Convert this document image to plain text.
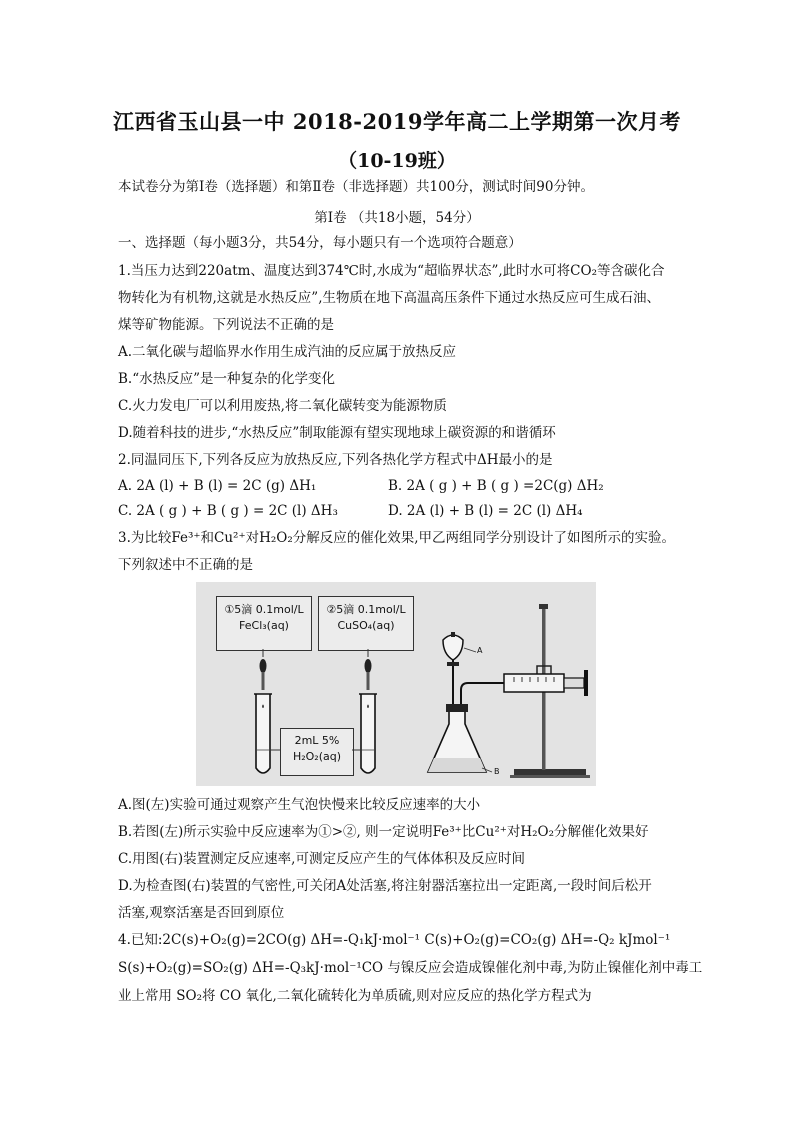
江西省玉山县一中 2018-2019学年高二上学期第一次月考
（10-19班）
本试卷分为第Ⅰ卷（选择题）和第Ⅱ卷（非选择题）共100分，测试时间90分钟。
第Ⅰ卷 （共18小题，54分）
一、选择题（每小题3分，共54分，每小题只有一个选项符合题意）
1.当压力达到220atm、温度达到374℃时,水成为“超临界状态”,此时水可将CO₂等含碳化合
物转化为有机物,这就是水热反应”,生物质在地下高温高压条件下通过水热反应可生成石油、
煤等矿物能源。下列说法不正确的是
A.二氧化碳与超临界水作用生成汽油的反应属于放热反应
B.“水热反应”是一种复杂的化学变化
C.火力发电厂可以利用废热,将二氧化碳转变为能源物质
D.随着科技的进步,“水热反应”制取能源有望实现地球上碳资源的和谐循环
2.同温同压下,下列各反应为放热反应,下列各热化学方程式中ΔH最小的是
A. 2A (l) + B (l) = 2C (g) ΔH₁	B. 2A ( g ) + B ( g ) =2C(g) ΔH₂
C. 2A ( g ) + B ( g ) = 2C (l) ΔH₃	D. 2A (l) + B (l) = 2C (l) ΔH₄
3.为比较Fe³⁺和Cu²⁺对H₂O₂分解反应的催化效果,甲乙两组同学分别设计了如图所示的实验。
下列叙述中不正确的是
①5滴 0.1mol/L
FeCl₃(aq)
②5滴 0.1mol/L
CuSO₄(aq)
2mL 5%
H₂O₂(aq)
A
B
A.图(左)实验可通过观察产生气泡快慢来比较反应速率的大小
B.若图(左)所示实验中反应速率为①>②, 则一定说明Fe³⁺比Cu²⁺对H₂O₂分解催化效果好
C.用图(右)装置测定反应速率,可测定反应产生的气体体积及反应时间
D.为检查图(右)装置的气密性,可关闭A处活塞,将注射器活塞拉出一定距离,一段时间后松开
活塞,观察活塞是否回到原位
4.已知:2C(s)+O₂(g)=2CO(g) ΔH=-Q₁kJ·mol⁻¹ C(s)+O₂(g)=CO₂(g) ΔH=-Q₂ kJmol⁻¹
S(s)+O₂(g)=SO₂(g) ΔH=-Q₃kJ·mol⁻¹CO 与镍反应会造成镍催化剂中毒,为防止镍催化剂中毒工
业上常用 SO₂将 CO 氧化,二氧化硫转化为单质硫,则对应反应的热化学方程式为
